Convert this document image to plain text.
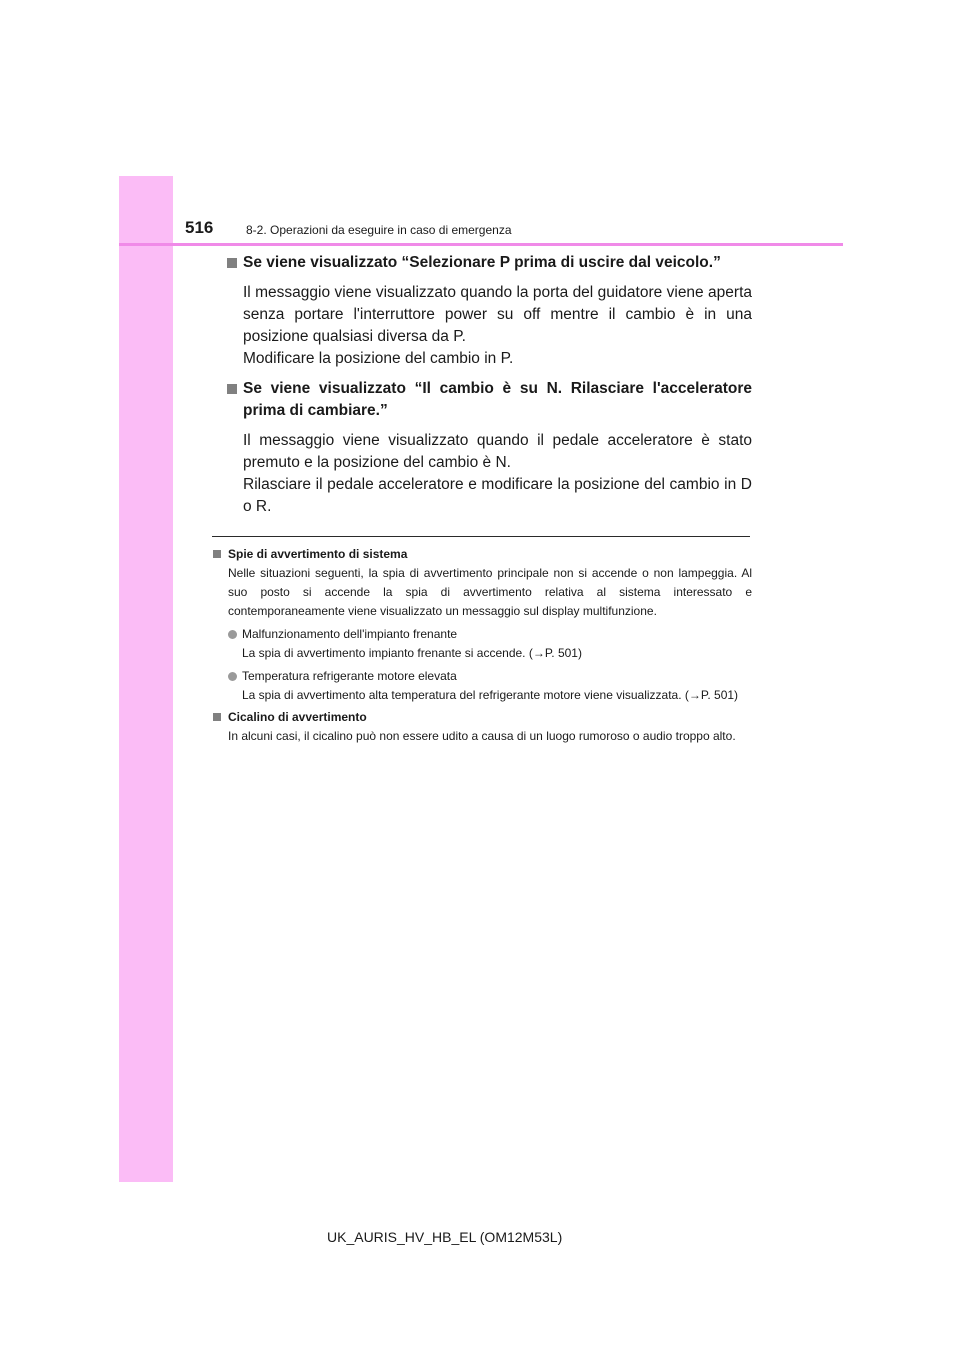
516	8-2. Operazioni da eseguire in caso di emergenza

Se viene visualizzato “Selezionare P prima di uscire dal veicolo.”

Il messaggio viene visualizzato quando la porta del guidatore viene aperta senza portare l'interruttore power su off mentre il cambio è in una posizione qualsiasi diversa da P.

Modificare la posizione del cambio in P.

Se viene visualizzato “Il cambio è su N. Rilasciare l'acceleratore prima di cambiare.”

Il messaggio viene visualizzato quando il pedale acceleratore è stato premuto e la posizione del cambio è N.

Rilasciare il pedale acceleratore e modificare la posizione del cambio in D o R.

Spie di avvertimento di sistema

Nelle situazioni seguenti, la spia di avvertimento principale non si accende o non lampeggia. Al suo posto si accende la spia di avvertimento relativa al sistema interessato e contemporaneamente viene visualizzato un messaggio sul display multifunzione.

Malfunzionamento dell'impianto frenante
La spia di avvertimento impianto frenante si accende. (→P. 501)

Temperatura refrigerante motore elevata
La spia di avvertimento alta temperatura del refrigerante motore viene visualizzata. (→P. 501)

Cicalino di avvertimento

In alcuni casi, il cicalino può non essere udito a causa di un luogo rumoroso o audio troppo alto.

UK_AURIS_HV_HB_EL (OM12M53L)
